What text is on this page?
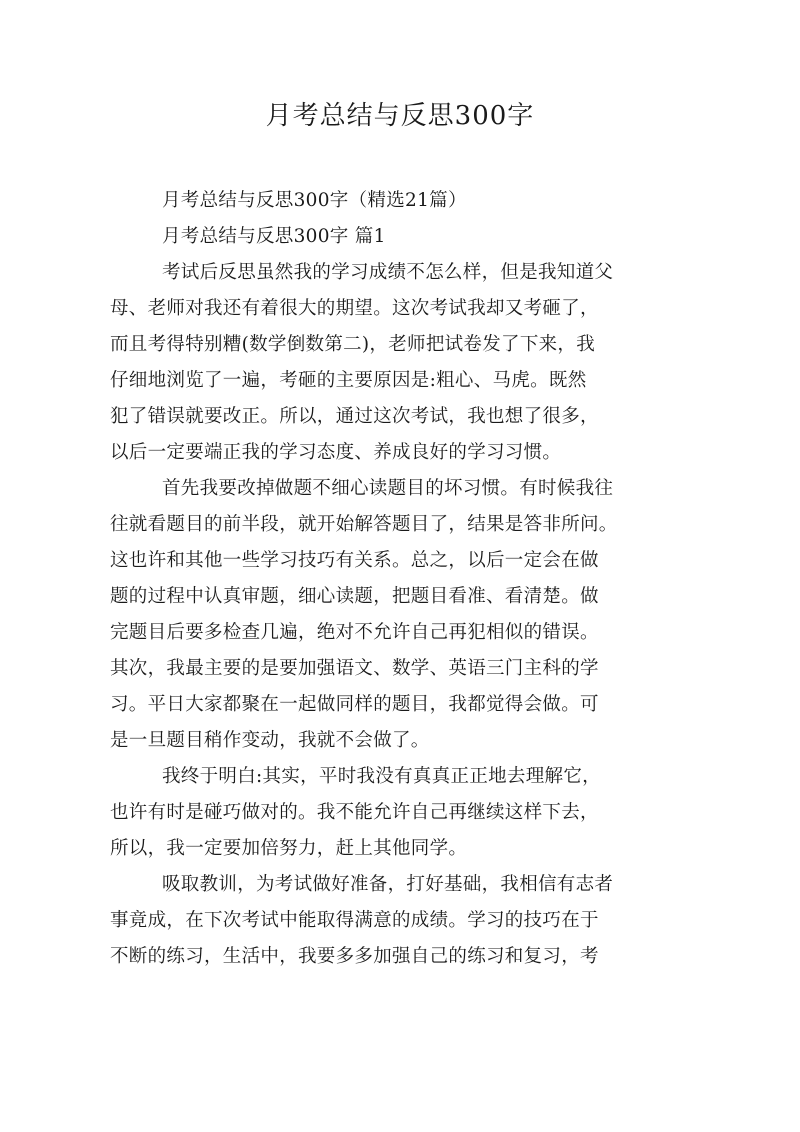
月考总结与反思300字
月考总结与反思300字（精选21篇）
月考总结与反思300字 篇1
考试后反思虽然我的学习成绩不怎么样，但是我知道父
母、老师对我还有着很大的期望。这次考试我却又考砸了，
而且考得特别糟(数学倒数第二)，老师把试卷发了下来，我
仔细地浏览了一遍，考砸的主要原因是:粗心、马虎。既然
犯了错误就要改正。所以，通过这次考试，我也想了很多，
以后一定要端正我的学习态度、养成良好的学习习惯。
首先我要改掉做题不细心读题目的坏习惯。有时候我往
往就看题目的前半段，就开始解答题目了，结果是答非所问。
这也许和其他一些学习技巧有关系。总之，以后一定会在做
题的过程中认真审题，细心读题，把题目看准、看清楚。做
完题目后要多检查几遍，绝对不允许自己再犯相似的错误。
其次，我最主要的是要加强语文、数学、英语三门主科的学
习。平日大家都聚在一起做同样的题目，我都觉得会做。可
是一旦题目稍作变动，我就不会做了。
我终于明白:其实，平时我没有真真正正地去理解它，
也许有时是碰巧做对的。我不能允许自己再继续这样下去，
所以，我一定要加倍努力，赶上其他同学。
吸取教训，为考试做好准备，打好基础，我相信有志者
事竟成，在下次考试中能取得满意的成绩。学习的技巧在于
不断的练习，生活中，我要多多加强自己的练习和复习，考
